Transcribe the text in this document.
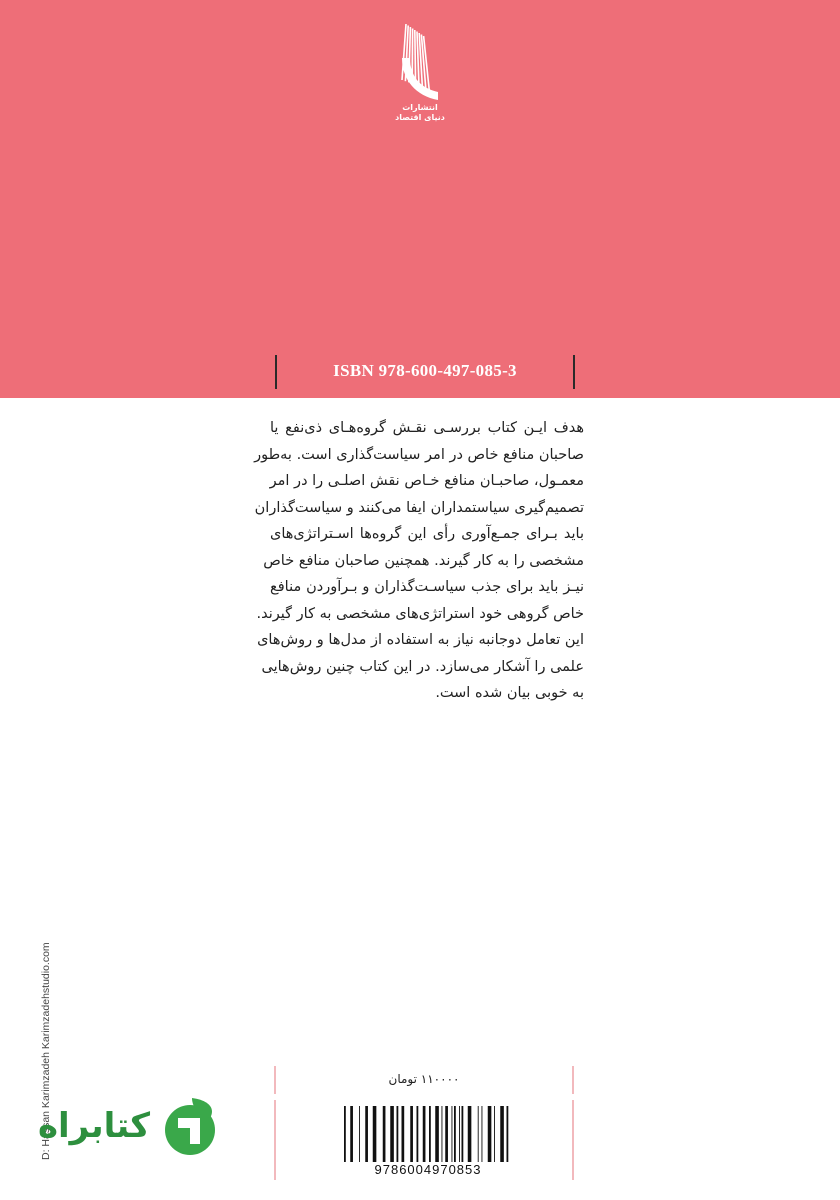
انتشارات
دنیای اقتصاد
ISBN 978-600-497-085-3
هدف ایـن کتاب بررسـی نقـش گروه‌هـای ذی‌نفع یا
صاحبان منافع خاص در امر سیاست‌گذاری است. به‌طور
معمـول، صاحبـان منافع خـاص نقش اصلـی را در امر
تصمیم‌گیری سیاستمداران ایفا می‌کنند و سیاست‌گذاران
باید بـرای جمـع‌آوری رأی این گروه‌ها اسـتراتژی‌های
مشخصی را به کار گیرند. همچنین صاحبان منافع خاص
نیـز باید برای جذب سیاسـت‌گذاران و بـرآوردن منافع
خاص گروهی خود استراتژی‌های مشخصی به کار گیرند.
این تعامل دوجانبه نیاز به استفاده از مدل‌ها و روش‌های
علمی را آشکار می‌سازد. در این کتاب چنین روش‌هایی
به خوبی بیان شده است.
D: Hassan Karimzadeh Karimzadehstudio.com	۱۱۰۰۰۰ تومان
9786004970853
کتابراه
